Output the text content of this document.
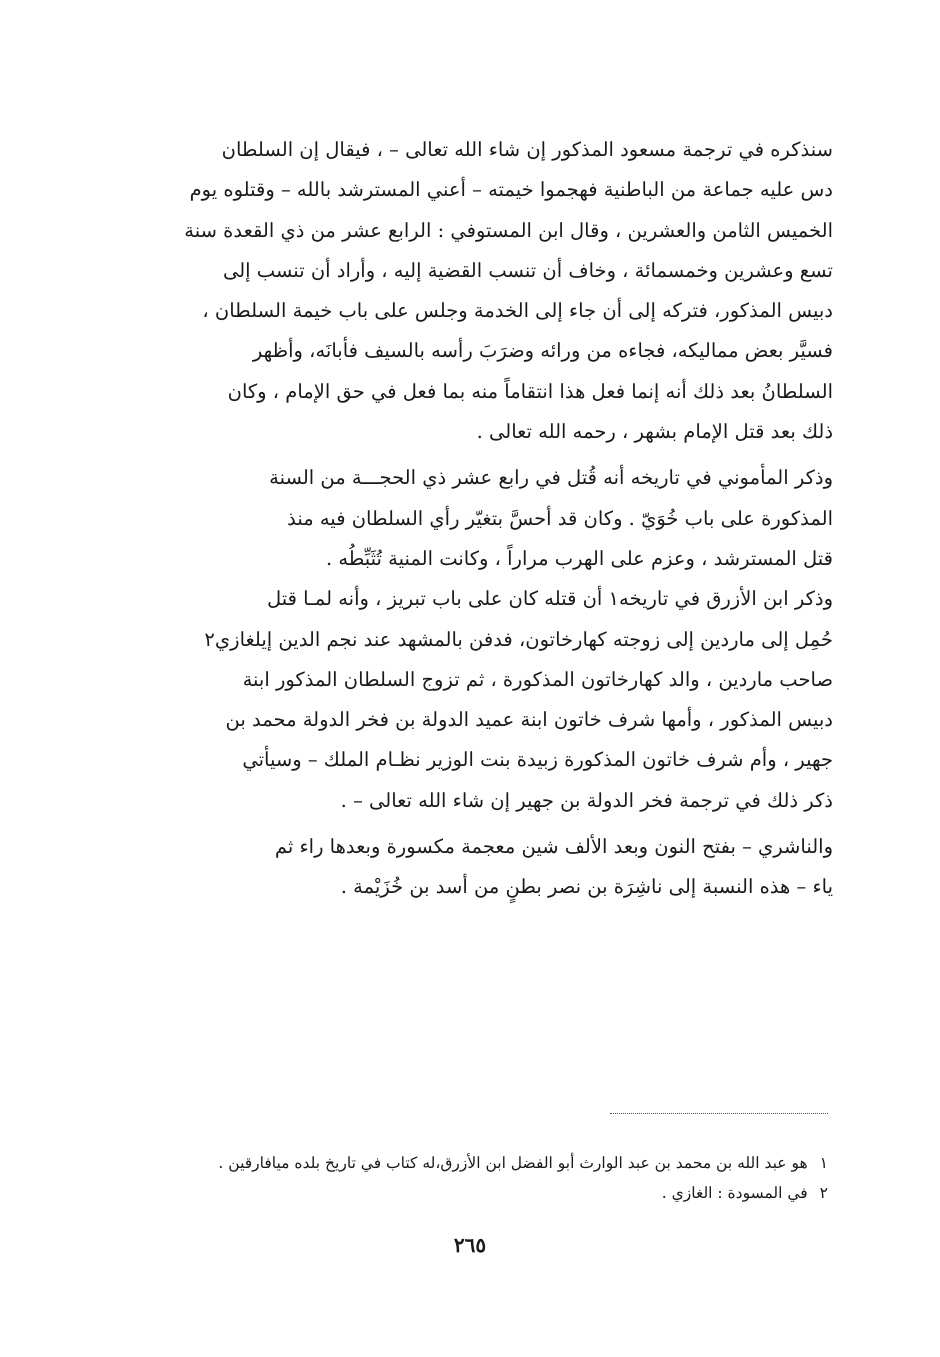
سنذكره في ترجمة مسعود المذكور إن شاء الله تعالى – ، فيقال إن السلطان
دس عليه جماعة من الباطنية فهجموا خيمته – أعني المسترشد بالله – وقتلوه يوم
الخميس الثامن والعشرين ، وقال ابن المستوفي : الرابع عشر من ذي القعدة سنة
تسع وعشرين وخمسمائة ، وخاف أن تنسب القضية إليه ، وأراد أن تنسب إلى
دبيس المذكور، فتركه إلى أن جاء إلى الخدمة وجلس على باب خيمة السلطان ،
فسيَّر بعض مماليكه، فجاءه من ورائه وضرَبَ رأسه بالسيف فأبانَه، وأظهر
السلطانُ بعد ذلك أنه إنما فعل هذا انتقاماً منه بما فعل في حق الإمام ، وكان
ذلك بعد قتل الإمام بشهر ، رحمه الله تعالى .
وذكر المأموني في تاريخه أنه قُتل في رابع عشر ذي الحجـــة من السنة
المذكورة على باب خُوَيّ . وكان قد أحسَّ بتغيّر رأي السلطان فيه منذ
قتل المسترشد ، وعزم على الهرب مراراً ، وكانت المنية تُثَبِّطُه .
وذكر ابن الأزرق في تاريخه١ أن قتله كان على باب تبريز ، وأنه لمـا قتل
حُمِل إلى ماردين إلى زوجته كهارخاتون، فدفن بالمشهد عند نجم الدين إيلغازي٢
صاحب ماردين ، والد كهارخاتون المذكورة ، ثم تزوج السلطان المذكور ابنة
دبيس المذكور ، وأمها شرف خاتون ابنة عميد الدولة بن فخر الدولة محمد بن
جهير ، وأم شرف خاتون المذكورة زبيدة بنت الوزير نظـام الملك – وسيأتي
ذكر ذلك في ترجمة فخر الدولة بن جهير إن شاء الله تعالى – .
والناشري – بفتح النون وبعد الألف شين معجمة مكسورة وبعدها راء ثم
ياء – هذه النسبة إلى ناشِرَة بن نصر بطنٍ من أسد بن خُزَيْمة .
١هو عبد الله بن محمد بن عبد الوارث أبو الفضل ابن الأزرق،له كتاب في تاريخ بلده ميافارقين .
٢في المسودة : الغازي .
٢٦٥
